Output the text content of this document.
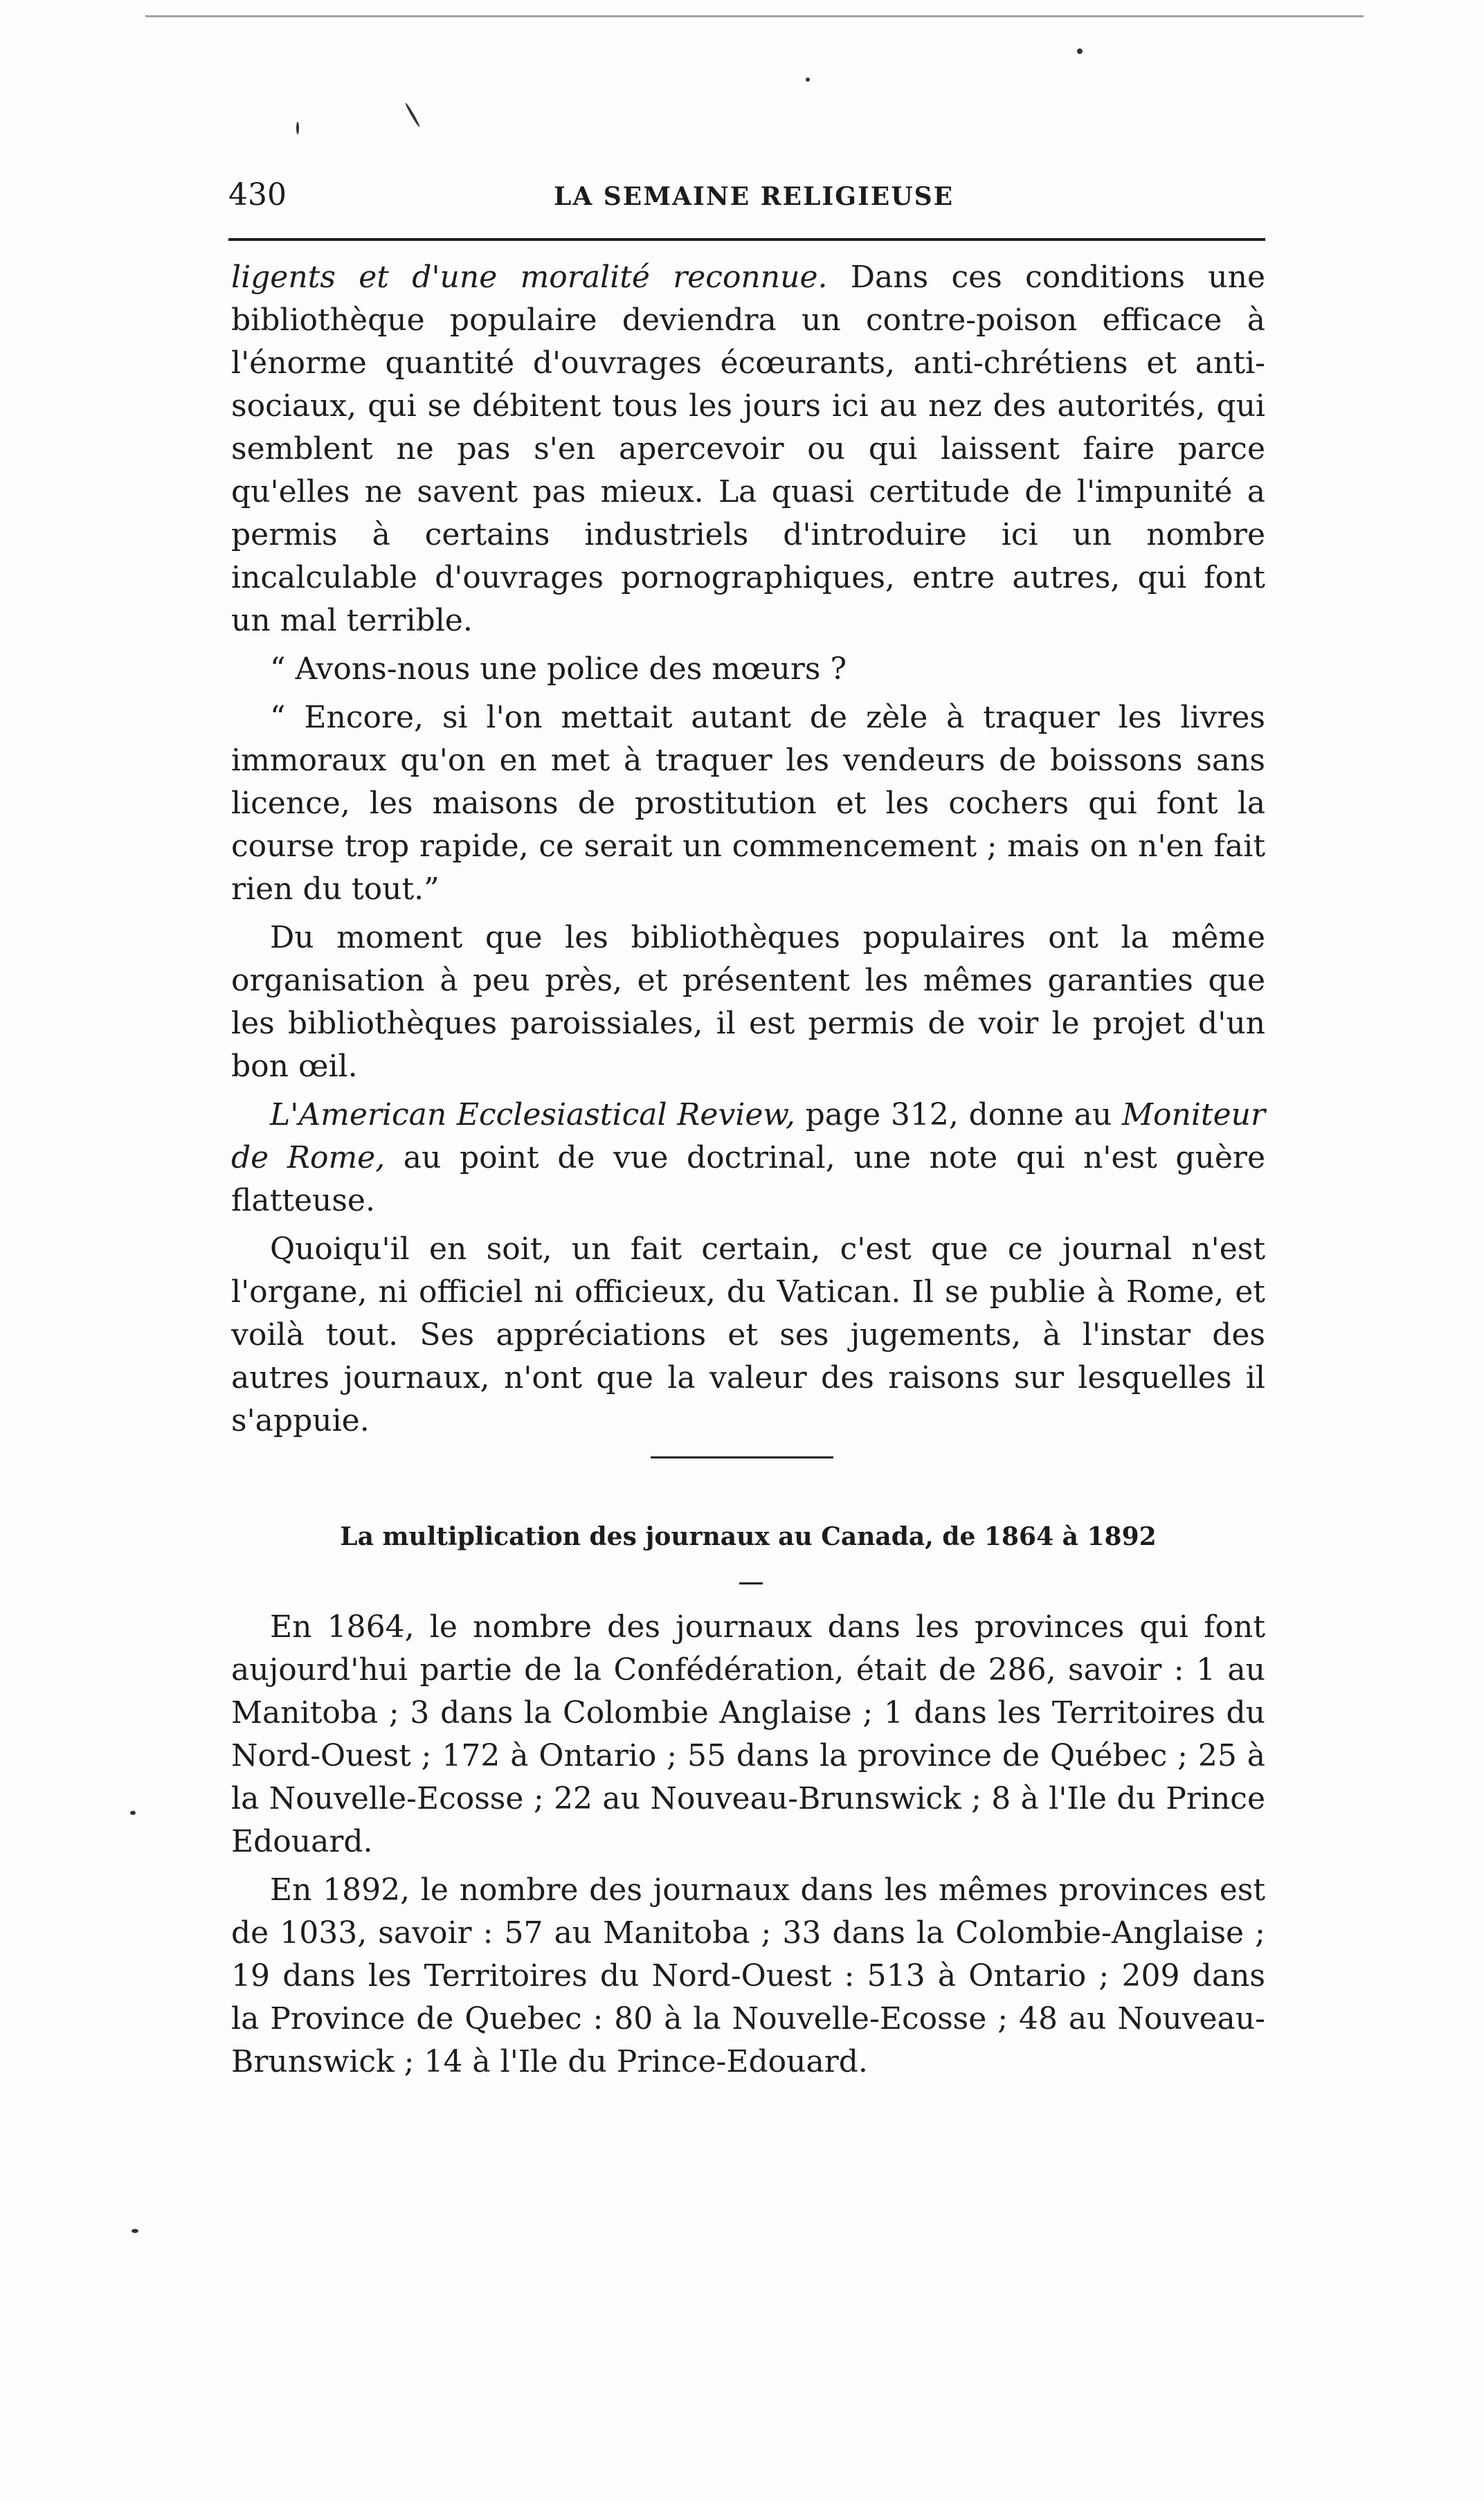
430	LA SEMAINE RELIGIEUSE

ligents et d'une moralité reconnue. Dans ces conditions une bibliothèque populaire deviendra un contre-poison efficace à l'énorme quantité d'ouvrages écœurants, anti-chrétiens et anti-sociaux, qui se débitent tous les jours ici au nez des autorités, qui semblent ne pas s'en apercevoir ou qui laissent faire parce qu'elles ne savent pas mieux. La quasi certitude de l'impunité a permis à certains industriels d'introduire ici un nombre incalculable d'ouvrages pornographiques, entre autres, qui font un mal terrible.

“ Avons-nous une police des mœurs ?

“ Encore, si l'on mettait autant de zèle à traquer les livres immoraux qu'on en met à traquer les vendeurs de boissons sans licence, les maisons de prostitution et les cochers qui font la course trop rapide, ce serait un commencement ; mais on n'en fait rien du tout.”

Du moment que les bibliothèques populaires ont la même organisation à peu près, et présentent les mêmes garanties que les bibliothèques paroissiales, il est permis de voir le projet d'un bon œil.

L'American Ecclesiastical Review, page 312, donne au Moniteur de Rome, au point de vue doctrinal, une note qui n'est guère flatteuse.

Quoiqu'il en soit, un fait certain, c'est que ce journal n'est l'organe, ni officiel ni officieux, du Vatican. Il se publie à Rome, et voilà tout. Ses appréciations et ses jugements, à l'instar des autres journaux, n'ont que la valeur des raisons sur lesquelles il s'appuie.

La multiplication des journaux au Canada, de 1864 à 1892

En 1864, le nombre des journaux dans les provinces qui font aujourd'hui partie de la Confédération, était de 286, savoir : 1 au Manitoba ; 3 dans la Colombie Anglaise ; 1 dans les Territoires du Nord-Ouest ; 172 à Ontario ; 55 dans la province de Québec ; 25 à la Nouvelle-Ecosse ; 22 au Nouveau-Brunswick ; 8 à l'Ile du Prince Edouard.

En 1892, le nombre des journaux dans les mêmes provinces est de 1033, savoir : 57 au Manitoba ; 33 dans la Colombie-Anglaise ; 19 dans les Territoires du Nord-Ouest : 513 à Ontario ; 209 dans la Province de Quebec : 80 à la Nouvelle-Ecosse ; 48 au Nouveau-Brunswick ; 14 à l'Ile du Prince-Edouard.
